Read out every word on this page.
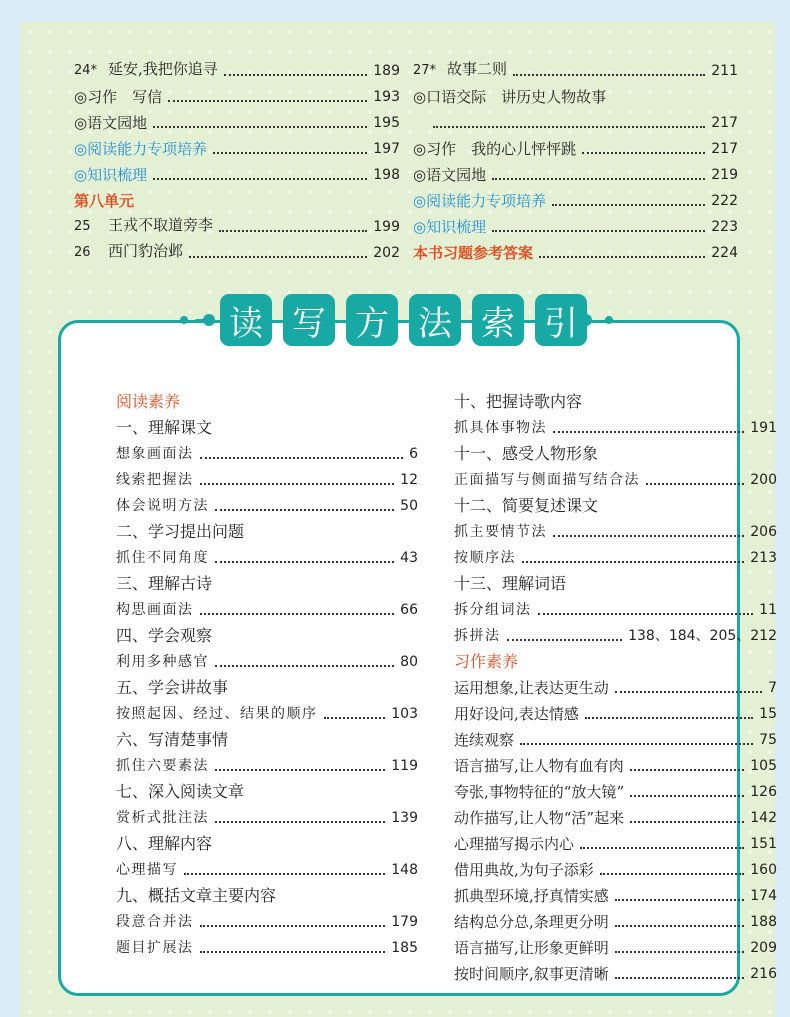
24* 延安,我把你追寻	189
◎习作　写信	193
◎语文园地	195
◎阅读能力专项培养	197
◎知识梳理	198
第八单元
25 王戎不取道旁李	199
26 西门豹治邺	202
27* 故事二则	211
◎口语交际　讲历史人物故事
217
◎习作　我的心儿怦怦跳	217
◎语文园地	219
◎阅读能力专项培养	222
◎知识梳理	223
本书习题参考答案	224
阅读素养
一、理解课文
想象画面法	6
线索把握法	12
体会说明方法	50
二、学习提出问题
抓住不同角度	43
三、理解古诗
构思画面法	66
四、学会观察
利用多种感官	80
五、学会讲故事
按照起因、经过、结果的顺序	103
六、写清楚事情
抓住六要素法	119
七、深入阅读文章
赏析式批注法	139
八、理解内容
心理描写	148
九、概括文章主要内容
段意合并法	179
题目扩展法	185
十、把握诗歌内容
抓具体事物法	191
十一、感受人物形象
正面描写与侧面描写结合法	200
十二、简要复述课文
抓主要情节法	206
按顺序法	213
十三、理解词语
拆分组词法	11
拆拼法	138、184、205、212
习作素养
运用想象,让表达更生动	7
用好设问,表达情感	15
连续观察	75
语言描写,让人物有血有肉	105
夸张,事物特征的“放大镜”	126
动作描写,让人物“活”起来	142
心理描写揭示内心	151
借用典故,为句子添彩	160
抓典型环境,抒真情实感	174
结构总分总,条理更分明	188
语言描写,让形象更鲜明	209
按时间顺序,叙事更清晰	216
读 写 方 法 索 引
